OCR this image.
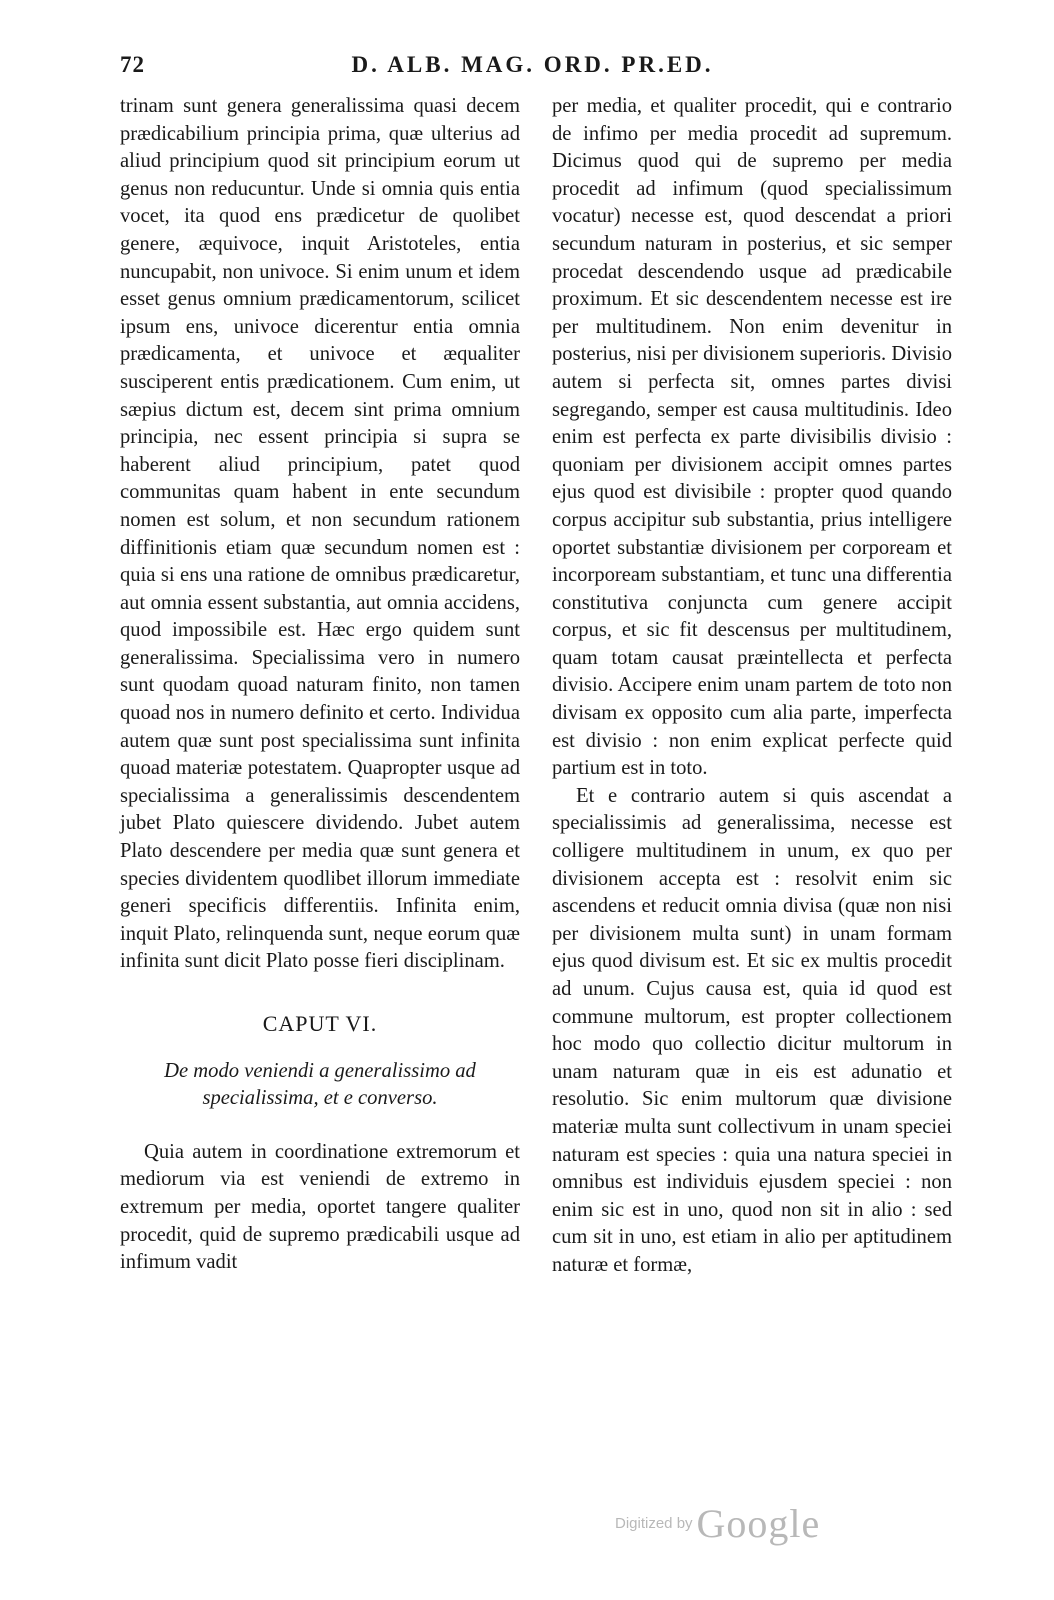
72	D. ALB. MAG. ORD. PR.ED.

trinam sunt genera generalissima quasi decem prædicabilium principia prima, quæ ulterius ad aliud principium quod sit principium eorum ut genus non reducuntur. Unde si omnia quis entia vocet, ita quod ens prædicetur de quolibet genere, æquivoce, inquit Aristoteles, entia nuncupabit, non univoce. Si enim unum et idem esset genus omnium prædicamentorum, scilicet ipsum ens, univoce dicerentur entia omnia prædicamenta, et univoce et æqualiter susciperent entis prædicationem. Cum enim, ut sæpius dictum est, decem sint prima omnium principia, nec essent principia si supra se haberent aliud principium, patet quod communitas quam habent in ente secundum nomen est solum, et non secundum rationem diffinitionis etiam quæ secundum nomen est : quia si ens una ratione de omnibus prædicaretur, aut omnia essent substantia, aut omnia accidens, quod impossibile est. Hæc ergo quidem sunt generalissima. Specialissima vero in numero sunt quodam quoad naturam finito, non tamen quoad nos in numero definito et certo. Individua autem quæ sunt post specialissima sunt infinita quoad materiæ potestatem. Quapropter usque ad specialissima a generalissimis descendentem jubet Plato quiescere dividendo. Jubet autem Plato descendere per media quæ sunt genera et species dividentem quodlibet illorum immediate generi specificis differentiis. Infinita enim, inquit Plato, relinquenda sunt, neque eorum quæ infinita sunt dicit Plato posse fieri disciplinam.

CAPUT VI.
De modo veniendi a generalissimo ad specialissima, et e converso.

Quia autem in coordinatione extremorum et mediorum via est veniendi de extremo in extremum per media, oportet tangere qualiter procedit, quid de supremo prædicabili usque ad infimum vadit

per media, et qualiter procedit, qui e contrario de infimo per media procedit ad supremum. Dicimus quod qui de supremo per media procedit ad infimum (quod specialissimum vocatur) necesse est, quod descendat a priori secundum naturam in posterius, et sic semper procedat descendendo usque ad prædicabile proximum. Et sic descendentem necesse est ire per multitudinem. Non enim devenitur in posterius, nisi per divisionem superioris. Divisio autem si perfecta sit, omnes partes divisi segregando, semper est causa multitudinis. Ideo enim est perfecta ex parte divisibilis divisio : quoniam per divisionem accipit omnes partes ejus quod est divisibile : propter quod quando corpus accipitur sub substantia, prius intelligere oportet substantiæ divisionem per corpoream et incorpoream substantiam, et tunc una differentia constitutiva conjuncta cum genere accipit corpus, et sic fit descensus per multitudinem, quam totam causat præintellecta et perfecta divisio. Accipere enim unam partem de toto non divisam ex opposito cum alia parte, imperfecta est divisio : non enim explicat perfecte quid partium est in toto.

Et e contrario autem si quis ascendat a specialissimis ad generalissima, necesse est colligere multitudinem in unum, ex quo per divisionem accepta est : resolvit enim sic ascendens et reducit omnia divisa (quæ non nisi per divisionem multa sunt) in unam formam ejus quod divisum est. Et sic ex multis procedit ad unum. Cujus causa est, quia id quod est commune multorum, est propter collectionem hoc modo quo collectio dicitur multorum in unam naturam quæ in eis est adunatio et resolutio. Sic enim multorum quæ divisione materiæ multa sunt collectivum in unam speciei naturam est species : quia una natura speciei in omnibus est individuis ejusdem speciei : non enim sic est in uno, quod non sit in alio : sed cum sit in uno, est etiam in alio per aptitudinem naturæ et formæ,

Digitized by Google
